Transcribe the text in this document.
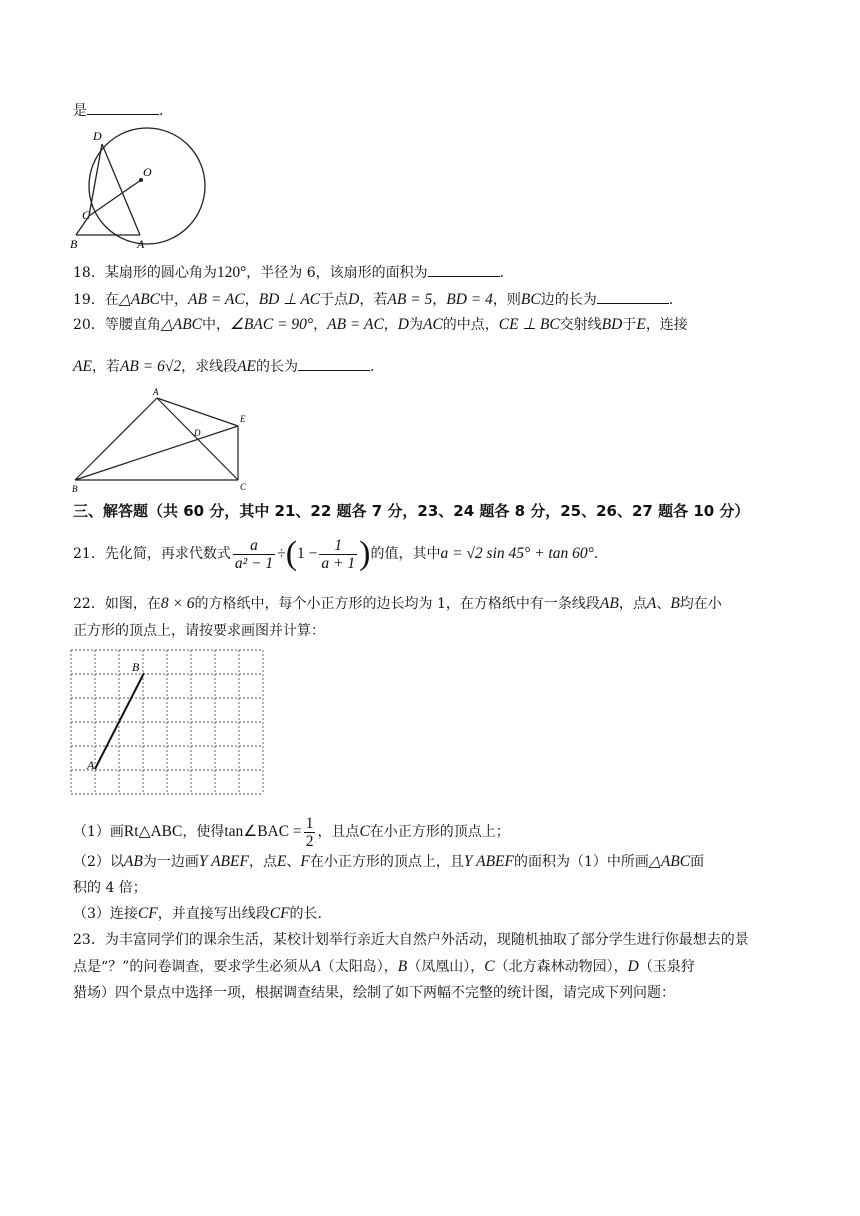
是	.
D
O
C
B	A
18．某扇形的圆心角为120°，半径为 6，该扇形的面积为	.
19．在△ABC中，AB = AC，BD ⊥ AC于点D，若AB = 5，BD = 4，则BC边的长为	.
20．等腰直角△ABC中，∠BAC = 90°，AB = AC，D为AC的中点，CE ⊥ BC交射线BD于E，连接
AE，若AB = 6√2，求线段AE的长为	.
A
E
D
B	C
三、解答题（共 60 分，其中 21、22 题各 7 分，23、24 题各 8 分，25、26、27 题各 10 分）
21．先化简，再求代数式 $\frac{a}{\text{a² − 1}} \div(1 - \frac{1}{a + 1}$ )的值，其中a = √2 sin 45° + tan 60°.
22．如图，在8 × 6的方格纸中，每个小正方形的边长均为 1，在方格纸中有一条线段AB，点A、B均在小
正方形的顶点上，请按要求画图并计算：
A
B
（1）画Rt△ABC，使得tan∠BAC = $\frac{1}{2}$ ，且点C在小正方形的顶点上；
（2）以AB为一边画Y ABEF，点E、F在小正方形的顶点上，且Y ABEF的面积为（1）中所画△ABC面
积的 4 倍；
（3）连接CF，并直接写出线段CF的长.
23．为丰富同学们的课余生活，某校计划举行亲近大自然户外活动，现随机抽取了部分学生进行你最想去的景
点是“？”的问卷调查，要求学生必须从A（太阳岛），B（凤凰山），C（北方森林动物园），D（玉泉狩
猎场）四个景点中选择一项，根据调查结果，绘制了如下两幅不完整的统计图，请完成下列问题：
